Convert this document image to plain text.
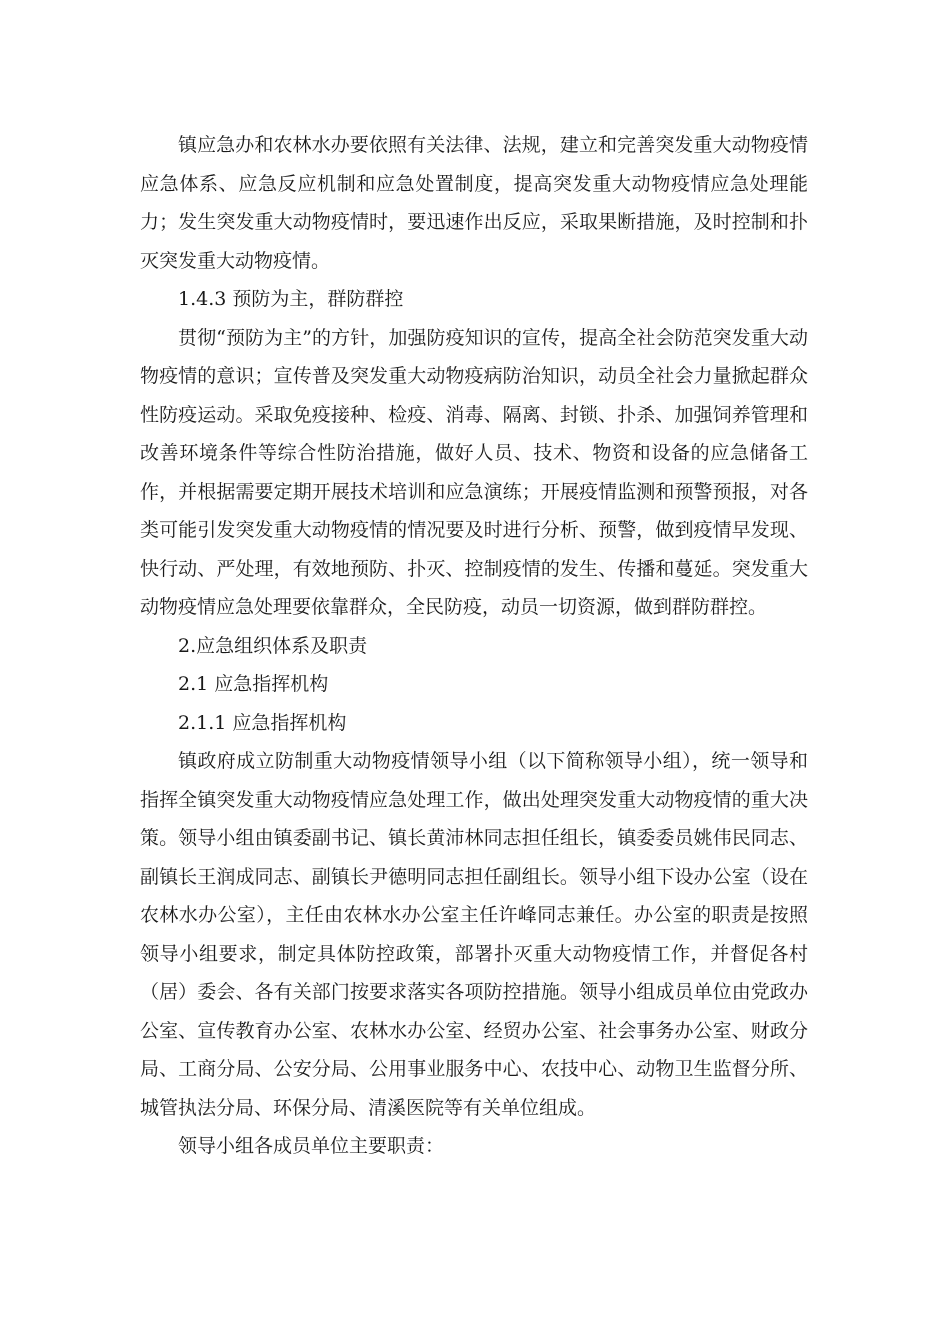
镇应急办和农林水办要依照有关法律、法规，建立和完善突发重大动物疫情应急体系、应急反应机制和应急处置制度，提高突发重大动物疫情应急处理能力；发生突发重大动物疫情时，要迅速作出反应，采取果断措施，及时控制和扑灭突发重大动物疫情。

1.4.3 预防为主，群防群控

贯彻“预防为主”的方针，加强防疫知识的宣传，提高全社会防范突发重大动物疫情的意识；宣传普及突发重大动物疫病防治知识，动员全社会力量掀起群众性防疫运动。采取免疫接种、检疫、消毒、隔离、封锁、扑杀、加强饲养管理和改善环境条件等综合性防治措施，做好人员、技术、物资和设备的应急储备工作，并根据需要定期开展技术培训和应急演练；开展疫情监测和预警预报，对各类可能引发突发重大动物疫情的情况要及时进行分析、预警，做到疫情早发现、快行动、严处理，有效地预防、扑灭、控制疫情的发生、传播和蔓延。突发重大动物疫情应急处理要依靠群众，全民防疫，动员一切资源，做到群防群控。

2.应急组织体系及职责

2.1 应急指挥机构

2.1.1 应急指挥机构

镇政府成立防制重大动物疫情领导小组（以下简称领导小组），统一领导和指挥全镇突发重大动物疫情应急处理工作，做出处理突发重大动物疫情的重大决策。领导小组由镇委副书记、镇长黄沛林同志担任组长，镇委委员姚伟民同志、副镇长王润成同志、副镇长尹德明同志担任副组长。领导小组下设办公室（设在农林水办公室），主任由农林水办公室主任许峰同志兼任。办公室的职责是按照领导小组要求，制定具体防控政策，部署扑灭重大动物疫情工作，并督促各村（居）委会、各有关部门按要求落实各项防控措施。领导小组成员单位由党政办公室、宣传教育办公室、农林水办公室、经贸办公室、社会事务办公室、财政分局、工商分局、公安分局、公用事业服务中心、农技中心、动物卫生监督分所、城管执法分局、环保分局、清溪医院等有关单位组成。

领导小组各成员单位主要职责：
